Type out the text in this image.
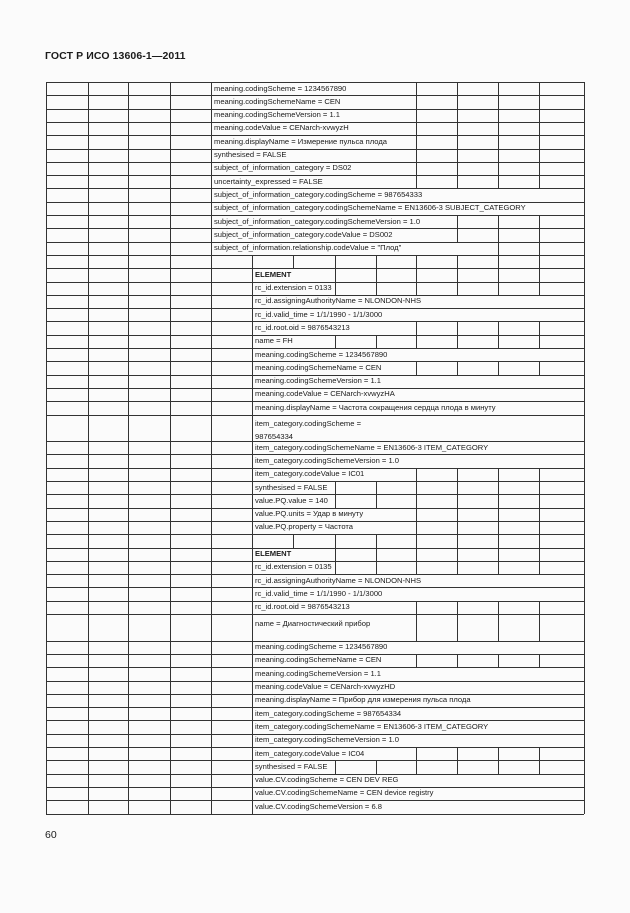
ГОСТ Р ИСО 13606-1—2011
meaning.codingScheme = 1234567890
meaning.codingSchemeName = CEN
meaning.codingSchemeVersion = 1.1
meaning.codeValue = CENarch-xvwyzH
meaning.displayName = Измерение пульса плода
synthesised = FALSE
subject_of_information_category = DS02
uncertainty_expressed = FALSE
subject_of_information_category.codingScheme = 987654333
subject_of_information_category.codingSchemeName = EN13606-3 SUBJECT_CATEGORY
subject_of_information_category.codingSchemeVersion = 1.0
subject_of_information_category.codeValue = DS002
subject_of_information.relationship.codeValue = "Плод"
ELEMENT
rc_id.extension = 0133
rc_id.assigningAuthorityName = NLONDON-NHS
rc_id.valid_time = 1/1/1990 - 1/1/3000
rc_id.root.oid = 9876543213
name = FH
meaning.codingScheme = 1234567890
meaning.codingSchemeName = CEN
meaning.codingSchemeVersion = 1.1
meaning.codeValue = CENarch-xvwyzHA
meaning.displayName = Частота сокращения сердца плода в минуту
item_category.codingScheme = 987654334
item_category.codingSchemeName = EN13606-3 ITEM_CATEGORY
item_category.codingSchemeVersion = 1.0
item_category.codeValue = IC01
synthesised = FALSE
value.PQ.value = 140
value.PQ.units = Удар в минуту
value.PQ.property = Частота
ELEMENT
rc_id.extension = 0135
rc_id.assigningAuthorityName = NLONDON-NHS
rc_id.valid_time = 1/1/1990 - 1/1/3000
rc_id.root.oid = 9876543213
name = Диагностический прибор
meaning.codingScheme = 1234567890
meaning.codingSchemeName = CEN
meaning.codingSchemeVersion = 1.1
meaning.codeValue = CENarch-xvwyzHD
meaning.displayName = Прибор для измерения пульса плода
item_category.codingScheme = 987654334
item_category.codingSchemeName = EN13606-3 ITEM_CATEGORY
item_category.codingSchemeVersion = 1.0
item_category.codeValue = IC04
synthesised = FALSE
value.CV.codingScheme = CEN DEV REG
value.CV.codingSchemeName = CEN device registry
value.CV.codingSchemeVersion = 6.8
60
